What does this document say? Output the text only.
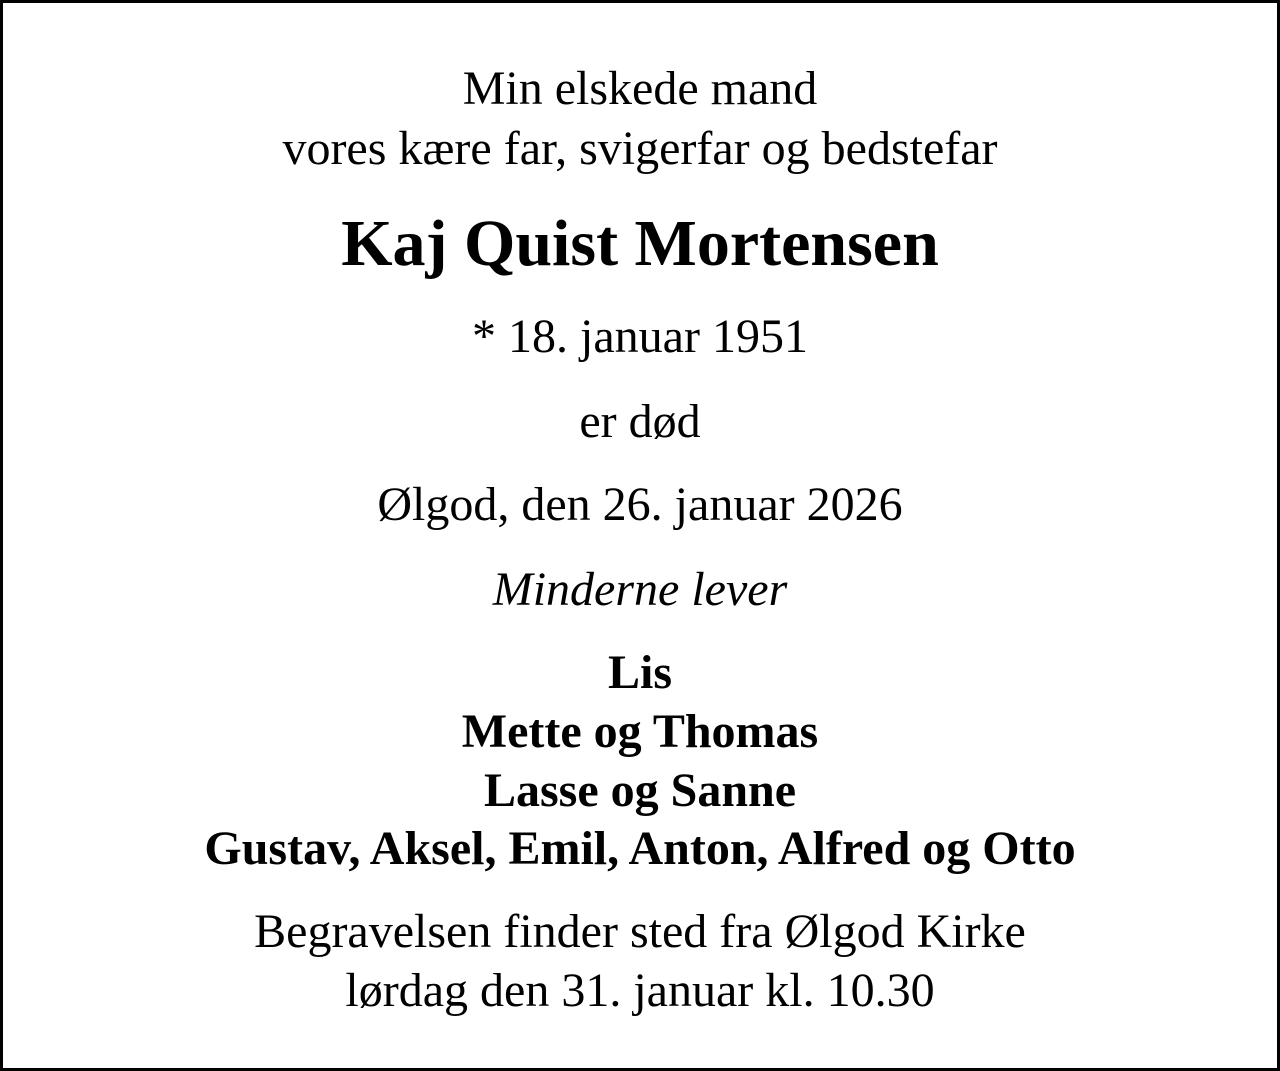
Min elskede mand
vores kære far, svigerfar og bedstefar
Kaj Quist Mortensen
* 18. januar 1951
er død
Ølgod, den 26. januar 2026
Minderne lever
Lis
Mette og Thomas
Lasse og Sanne
Gustav, Aksel, Emil, Anton, Alfred og Otto
Begravelsen finder sted fra Ølgod Kirke
lørdag den 31. januar kl. 10.30
